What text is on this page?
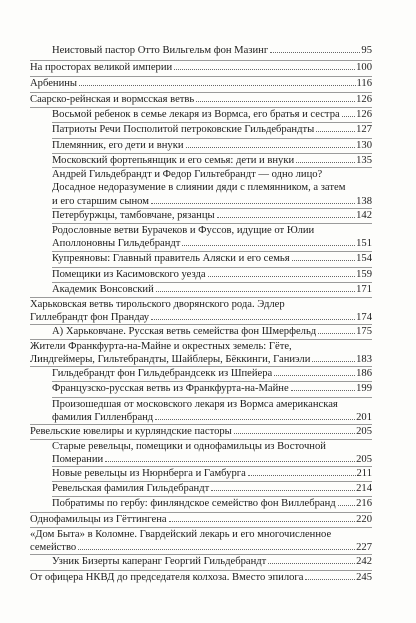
Неистовый пастор Отто Вильгельм фон Мазинг	95
На просторах великой империи	100
Арбенины	116
Саарско-рейнская и вормсская ветвь	126
Восьмой ребенок в семье лекаря из Вормса, его братья и сестра 126
Патриоты Речи Посполитой петроковские Гильдебрандты	127
Племянник, его дети и внуки	130
Московский фортепьянщик и его семья: дети и внуки	135
Андрей Гильдебрандт и Федор Гильтебрандт — одно лицо?
Досадное недоразумение в слиянии дяди с племянником, а затем
и его старшим сыном	138
Петербуржцы, тамбовчане, рязанцы	142
Родословные ветви Бурачеков и Фуссов, идущие от Юлии
Аполлоновны Гильдебрандт	151
Купреяновы: Главный правитель Аляски и его семья	154
Помещики из Касимовского уезда	159
Академик Вонсовский	171
Харьковская ветвь тирольского дворянского рода. Эдлер
Гиллебрандт фон Прандау	174
А) Харьковчане. Русская ветвь семейства фон Шмерфельд	175
Жители Франкфурта-на-Майне и окрестных земель: Гёте,
Линдгеймеры, Гильтебрандты, Шайблеры, Бёккинги, Ганиэли	183
Гильдебрандт фон Гильдебрандсекк из Шпейера	186
Французско-русская ветвь из Франкфурта-на-Майне	199
Произошедшая от московского лекаря из Вормса американская
фамилия Гилленбранд	201
Ревельские ювелиры и курляндские пасторы	205
Старые ревельцы, помещики и однофамильцы из Восточной
Померании	205
Новые ревельцы из Нюрнберга и Гамбурга	211
Ревельская фамилия Гильдебрандт	214
Побратимы по гербу: финляндское семейство фон Виллебранд 216
Однофамильцы из Гёттингена	220
«Дом Быта» в Коломне. Гвардейский лекарь и его многочисленное
семейство	227
Узник Бизерты каперанг Георгий Гильдебрандт	242
От офицера НКВД до председателя колхоза. Вместо эпилога	245
